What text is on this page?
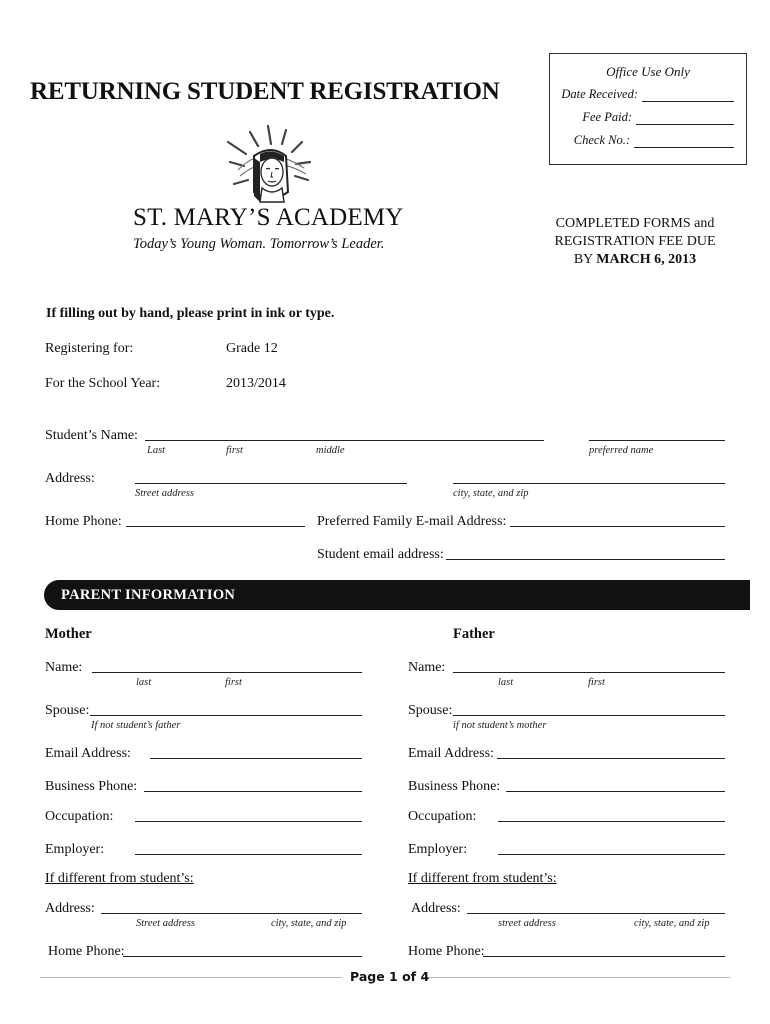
RETURNING STUDENT REGISTRATION
Office Use Only
Date Received:
Fee Paid:
Check No.:
ST. MARY’S ACADEMY
Today’s Young Woman. Tomorrow’s Leader.
COMPLETED FORMS and
REGISTRATION FEE DUE
BY MARCH 6, 2013
If filling out by hand, please print in ink or type.
Registering for:	Grade 12
For the School Year:	2013/2014
Student’s Name:
Last	first	middle	preferred name
Address:
Street address	city, state, and zip
Home Phone:	Preferred Family E-mail Address:
Student email address:
PARENT INFORMATION
Mother
Name:
last	first
Spouse:
If not student’s father
Email Address:
Business Phone:
Occupation:
Employer:
If different from student’s:
Address:
Street address	city, state, and zip
Home Phone:
Father
Name:
last	first
Spouse:
if not student’s mother
Email Address:
Business Phone:
Occupation:
Employer:
If different from student’s:
Address:
street address	city, state, and zip
Home Phone:
Page 1 of 4
